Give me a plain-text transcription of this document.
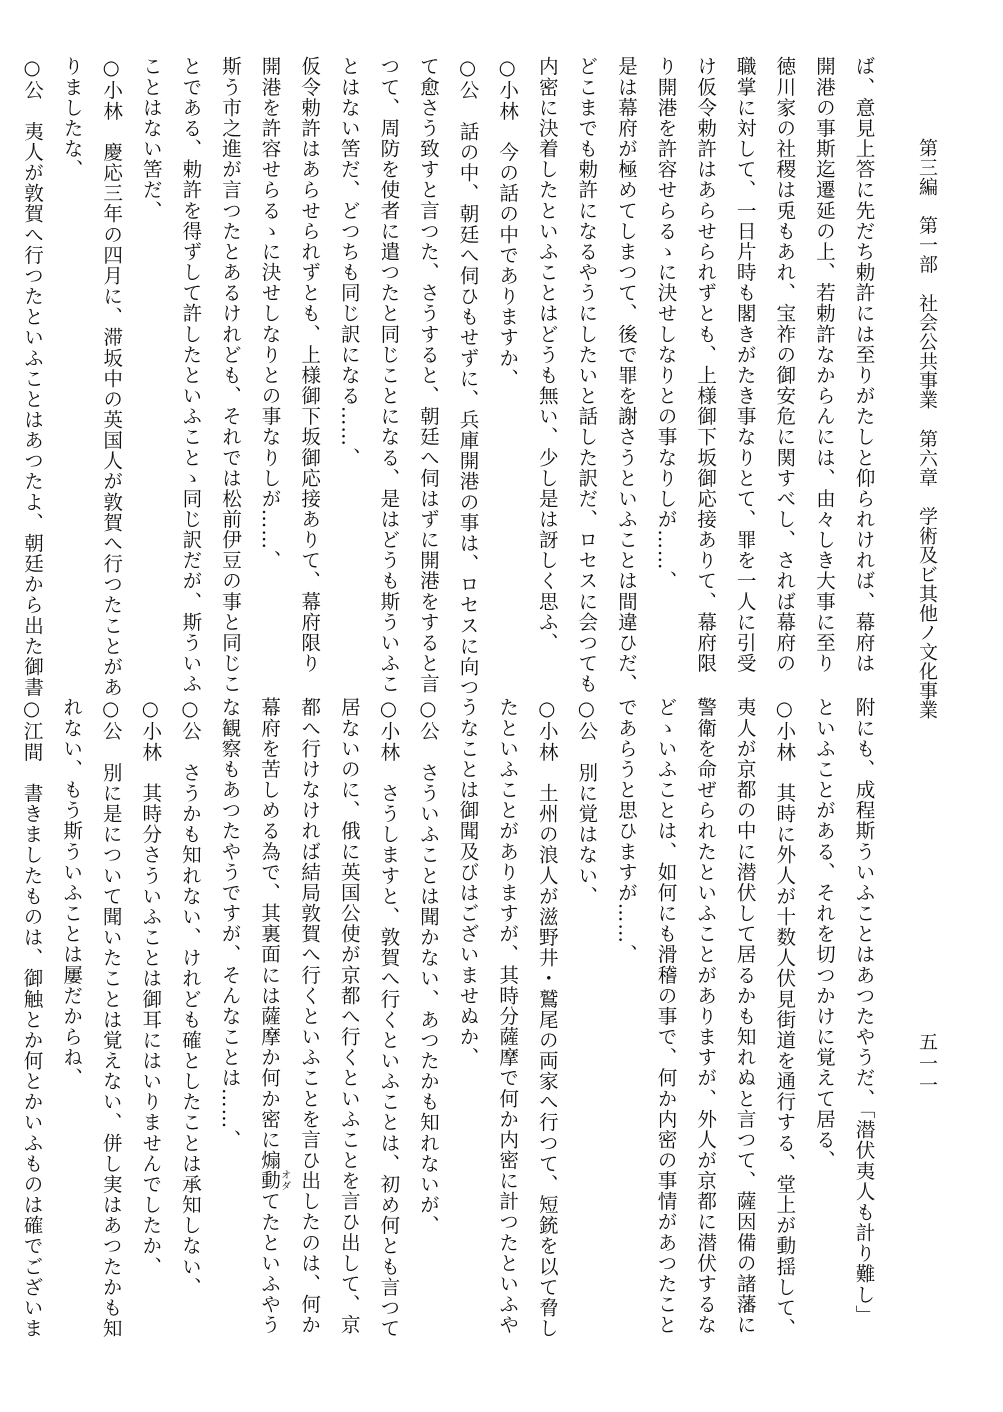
第三編　第一部　社会公共事業　第六章　学術及ビ其他ノ文化事業
五一一
ば、意見上答に先だち勅許には至りがたしと仰られければ、幕府は
開港の事斯迄遷延の上、若勅許なからんには、由々しき大事に至り
徳川家の社稷は兎もあれ、宝祚の御安危に関すべし、されば幕府の
職掌に対して、一日片時も閣きがたき事なりとて、罪を一人に引受
け仮令勅許はあらせられずとも、上様御下坂御応接ありて、幕府限
り開港を許容せらるゝに決せしなりとの事なりしが……、
是は幕府が極めてしまつて、後で罪を謝さうといふことは間違ひだ、
どこまでも勅許になるやうにしたいと話した訳だ、ロセスに会つても
内密に決着したといふことはどうも無い、少し是は訝しく思ふ、
○小林　今の話の中でありますか、
○公　話の中、朝廷へ伺ひもせずに、兵庫開港の事は、ロセスに向つ
て愈さう致すと言つた、さうすると、朝廷へ伺はずに開港をすると言
つて、周防を使者に遣つたと同じことになる、是はどうも斯ういふこ
とはない筈だ、どつちも同じ訳になる……、
仮令勅許はあらせられずとも、上様御下坂御応接ありて、幕府限り
開港を許容せらるゝに決せしなりとの事なりしが……、
斯う市之進が言つたとあるけれども、それでは松前伊豆の事と同じこ
とである、勅許を得ずして許したといふことゝ同じ訳だが、斯ういふ
ことはない筈だ、
○小林　慶応三年の四月に、滞坂中の英国人が敦賀へ行つたことがあ
りましたな、
○公　夷人が敦賀へ行つたといふことはあつたよ、朝廷から出た御書
附にも、成程斯ういふことはあつたやうだ、「潜伏夷人も計り難し」
といふことがある、それを切つかけに覚えて居る、
○小林　其時に外人が十数人伏見街道を通行する、堂上が動揺して、
夷人が京都の中に潜伏して居るかも知れぬと言つて、薩因備の諸藩に
警衛を命ぜられたといふことがありますが、外人が京都に潜伏するな
どゝいふことは、如何にも滑稽の事で、何か内密の事情があつたこと
であらうと思ひますが……、
○公　別に覚はない、
○小林　土州の浪人が滋野井・鷲尾の両家へ行つて、短銃を以て脅し
たといふことがありますが、其時分薩摩で何か内密に計つたといふや
うなことは御聞及びはございませぬか、
○公　さういふことは聞かない、あつたかも知れないが、
○小林　さうしますと、敦賀へ行くといふことは、初め何とも言つて
居ないのに、俄に英国公使が京都へ行くといふことを言ひ出して、京
都へ行けなければ結局敦賀へ行くといふことを言ひ出したのは、何か
幕府を苦しめる為で、其裏面には薩摩か何か密に煽動オダてたといふやう
な観察もあつたやうですが、そんなことは……、
○公　さうかも知れない、けれども確としたことは承知しない、
○小林　其時分さういふことは御耳にはいりませんでしたか、
○公　別に是について聞いたことは覚えない、併し実はあつたかも知
れない、もう斯ういふことは屢だからね、
○江間　書きましたものは、御触とか何とかいふものは確でございま
